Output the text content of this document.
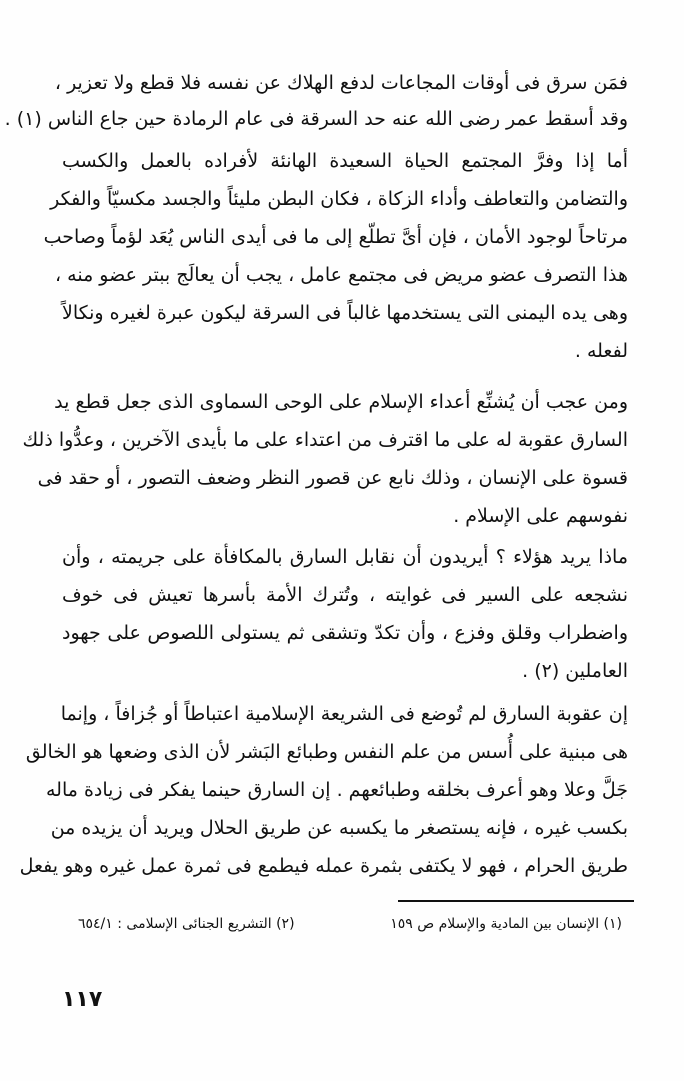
فمَن سرق فى أوقات المجاعات لدفع الهلاك عن نفسه فلا قطع ولا تعزير ،
وقد أسقط عمر رضى الله عنه حد السرقة فى عام الرمادة حين جاع الناس (١) .
أما إذا وفرَّ المجتمع الحياة السعيدة الهانئة لأفراده بالعمل والكسب
والتضامن والتعاطف وأداء الزكاة ، فكان البطن مليئاً والجسد مكسيّاً والفكر
مرتاحاً لوجود الأمان ، فإن أىَّ تطلّع إلى ما فى أيدى الناس يُعَد لؤماً وصاحب
هذا التصرف عضو مريض فى مجتمع عامل ، يجب أن يعالَج ببتر عضو منه ،
وهى يده اليمنى التى يستخدمها غالباً فى السرقة ليكون عبرة لغيره ونكالاً
لفعله .
ومن عجب أن يُشنِّع أعداء الإسلام على الوحى السماوى الذى جعل قطع يد
السارق عقوبة له على ما اقترف من اعتداء على ما بأيدى الآخرين ، وعدُّوا ذلك
قسوة على الإنسان ، وذلك نابع عن قصور النظر وضعف التصور ، أو حقد فى
نفوسهم على الإسلام .
ماذا يريد هؤلاء ؟ أيريدون أن نقابل السارق بالمكافأة على جريمته ، وأن
نشجعه على السير فى غوايته ، وتُترك الأمة بأسرها تعيش فى خوف
واضطراب وقلق وفزع ، وأن تكدّ وتشقى ثم يستولى اللصوص على جهود
العاملين (٢) .
إن عقوبة السارق لم تُوضع فى الشريعة الإسلامية اعتباطاً أو جُزافاً ، وإنما
هى مبنية على أُسس من علم النفس وطبائع البَشر لأن الذى وضعها هو الخالق
جَلَّ وعلا وهو أعرف بخلقه وطبائعهم . إن السارق حينما يفكر فى زيادة ماله
بكسب غيره ، فإنه يستصغر ما يكسبه عن طريق الحلال ويريد أن يزيده من
طريق الحرام ، فهو لا يكتفى بثمرة عمله فيطمع فى ثمرة عمل غيره وهو يفعل
(١) الإنسان بين المادية والإسلام ص ١٥٩
(٢) التشريع الجنائى الإسلامى : ٦٥٤/١
١١٧
